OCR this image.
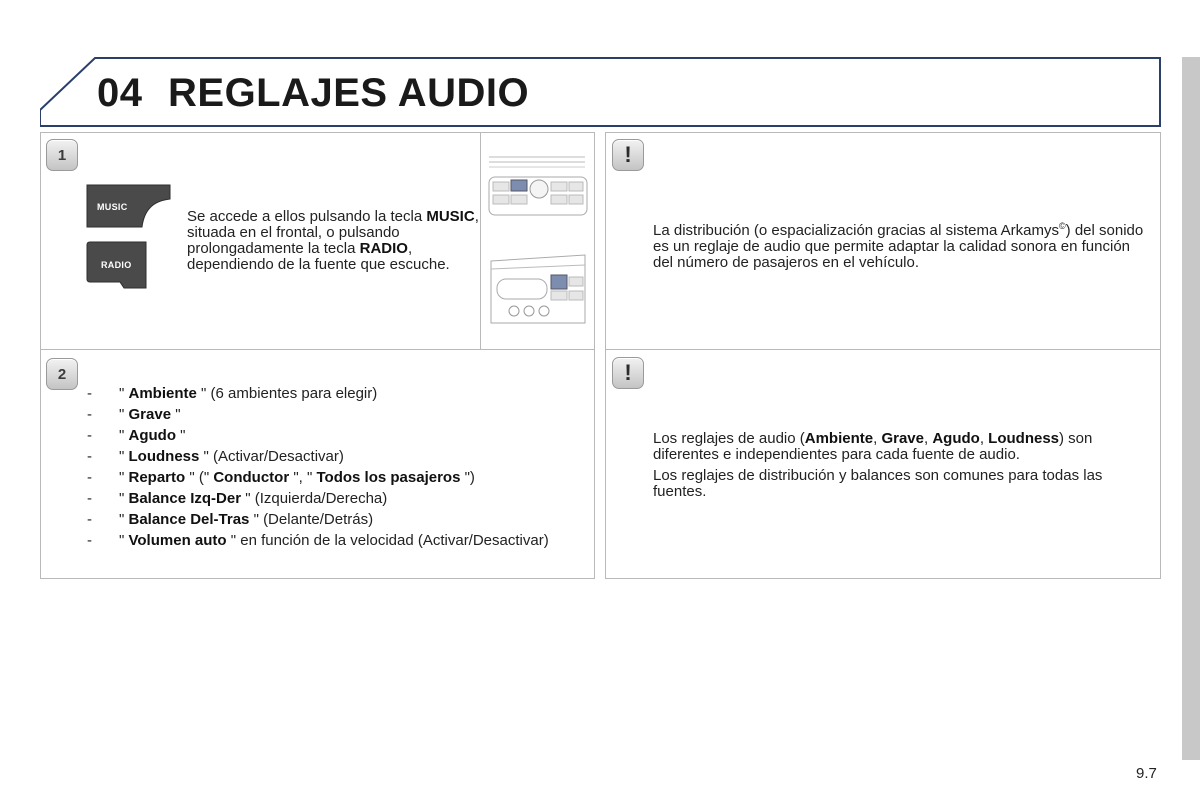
04 REGLAJES AUDIO
1
MUSIC
RADIO
Se accede a ellos pulsando la tecla MUSIC, situada en el frontal, o pulsando prolongadamente la tecla RADIO, dependiendo de la fuente que escuche.
2
- " Ambiente " (6 ambientes para elegir)
- " Grave "
- " Agudo "
- " Loudness " (Activar/Desactivar)
- " Reparto " (" Conductor ", " Todos los pasajeros ")
- " Balance Izq-Der " (Izquierda/Derecha)
- " Balance Del-Tras " (Delante/Detrás)
- " Volumen auto " en función de la velocidad (Activar/Desactivar)
!
La distribución (o espacialización gracias al sistema Arkamys©) del sonido es un reglaje de audio que permite adaptar la calidad sonora en función del número de pasajeros en el vehículo.
!

Los reglajes de audio (Ambiente, Grave, Agudo, Loudness) son diferentes e independientes para cada fuente de audio.

Los reglajes de distribución y balances son comunes para todas las fuentes.

9.7
